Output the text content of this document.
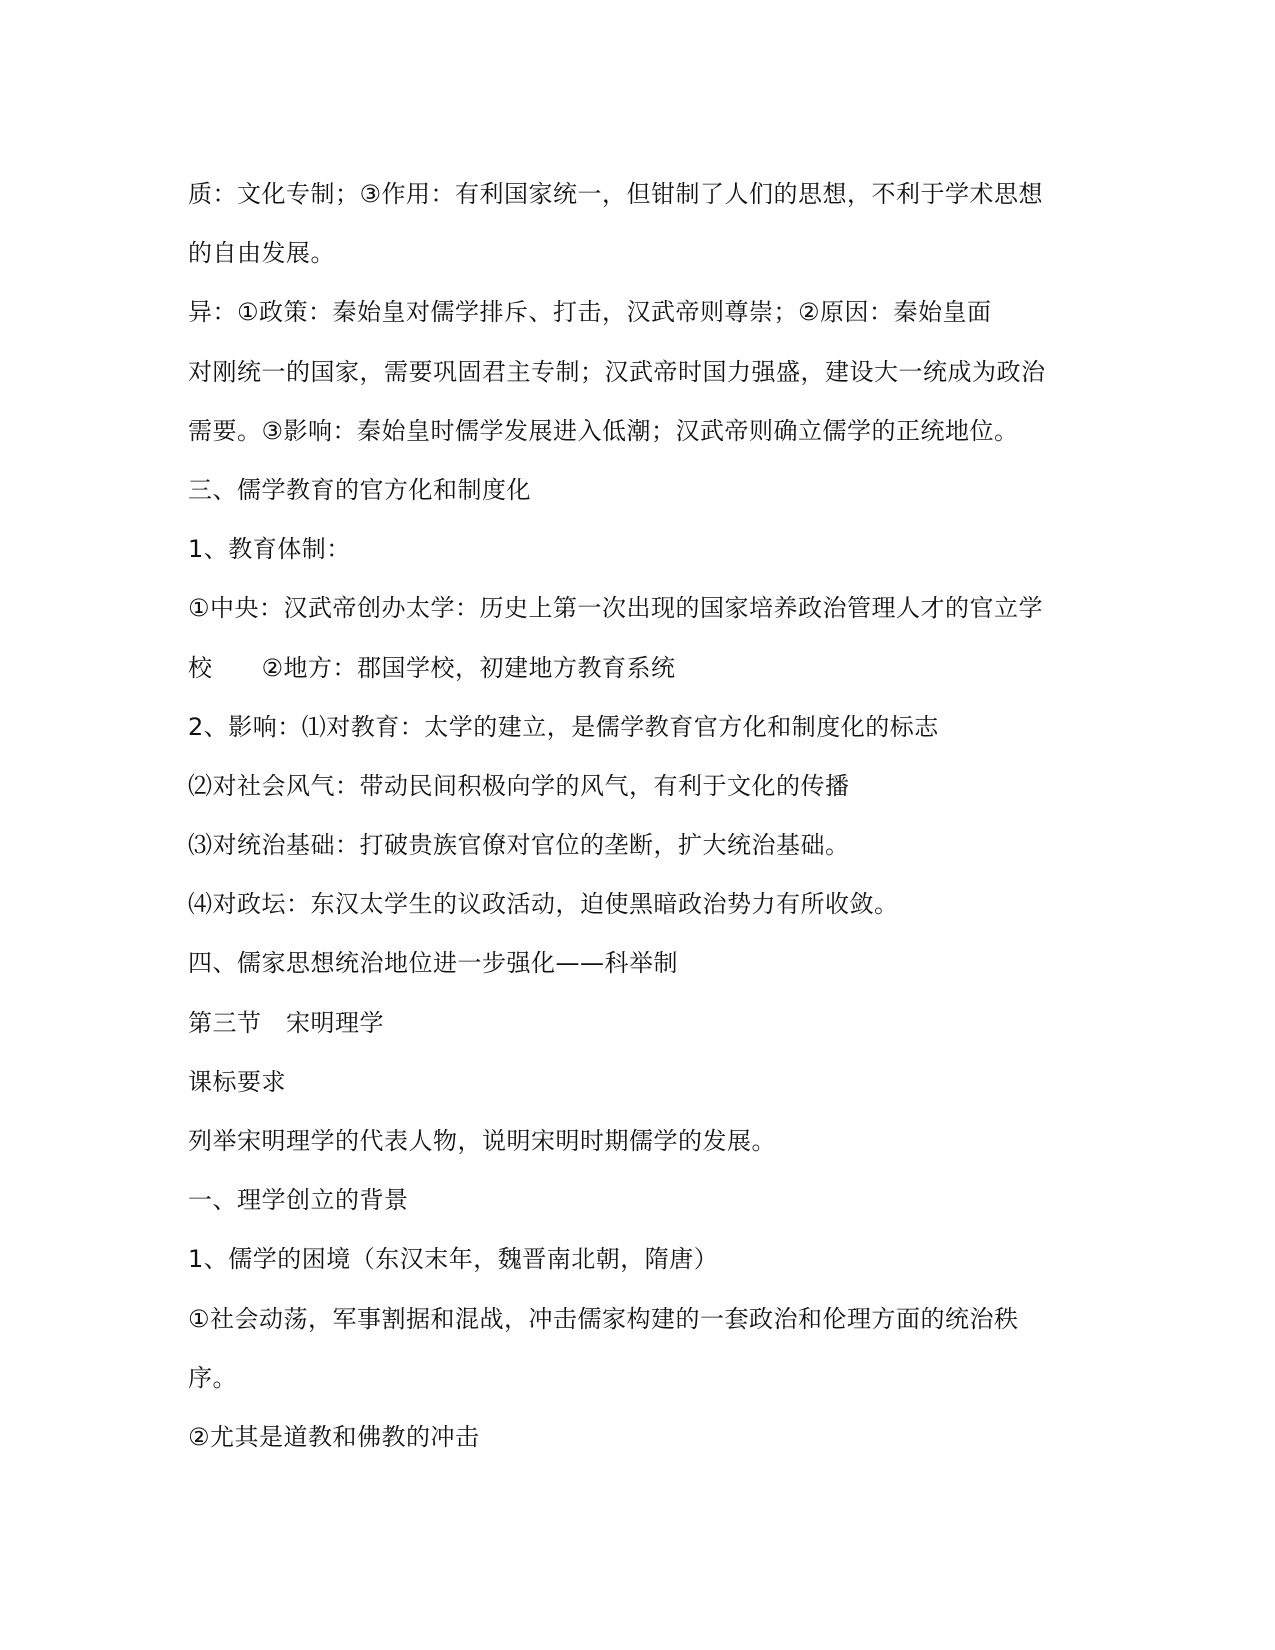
质：文化专制；③作用：有利国家统一，但钳制了人们的思想，不利于学术思想
的自由发展。
异：①政策：秦始皇对儒学排斥、打击，汉武帝则尊崇；②原因：秦始皇面
对刚统一的国家，需要巩固君主专制；汉武帝时国力强盛，建设大一统成为政治
需要。③影响：秦始皇时儒学发展进入低潮；汉武帝则确立儒学的正统地位。
三、儒学教育的官方化和制度化
1、教育体制：
①中央：汉武帝创办太学：历史上第一次出现的国家培养政治管理人才的官立学
校　　②地方：郡国学校，初建地方教育系统
2、影响：⑴对教育：太学的建立，是儒学教育官方化和制度化的标志
⑵对社会风气：带动民间积极向学的风气，有利于文化的传播
⑶对统治基础：打破贵族官僚对官位的垄断，扩大统治基础。
⑷对政坛：东汉太学生的议政活动，迫使黑暗政治势力有所收敛。
四、儒家思想统治地位进一步强化——科举制
第三节　宋明理学
课标要求
列举宋明理学的代表人物，说明宋明时期儒学的发展。
一、理学创立的背景
1、儒学的困境（东汉末年，魏晋南北朝，隋唐）
①社会动荡，军事割据和混战，冲击儒家构建的一套政治和伦理方面的统治秩
序。
②尤其是道教和佛教的冲击
